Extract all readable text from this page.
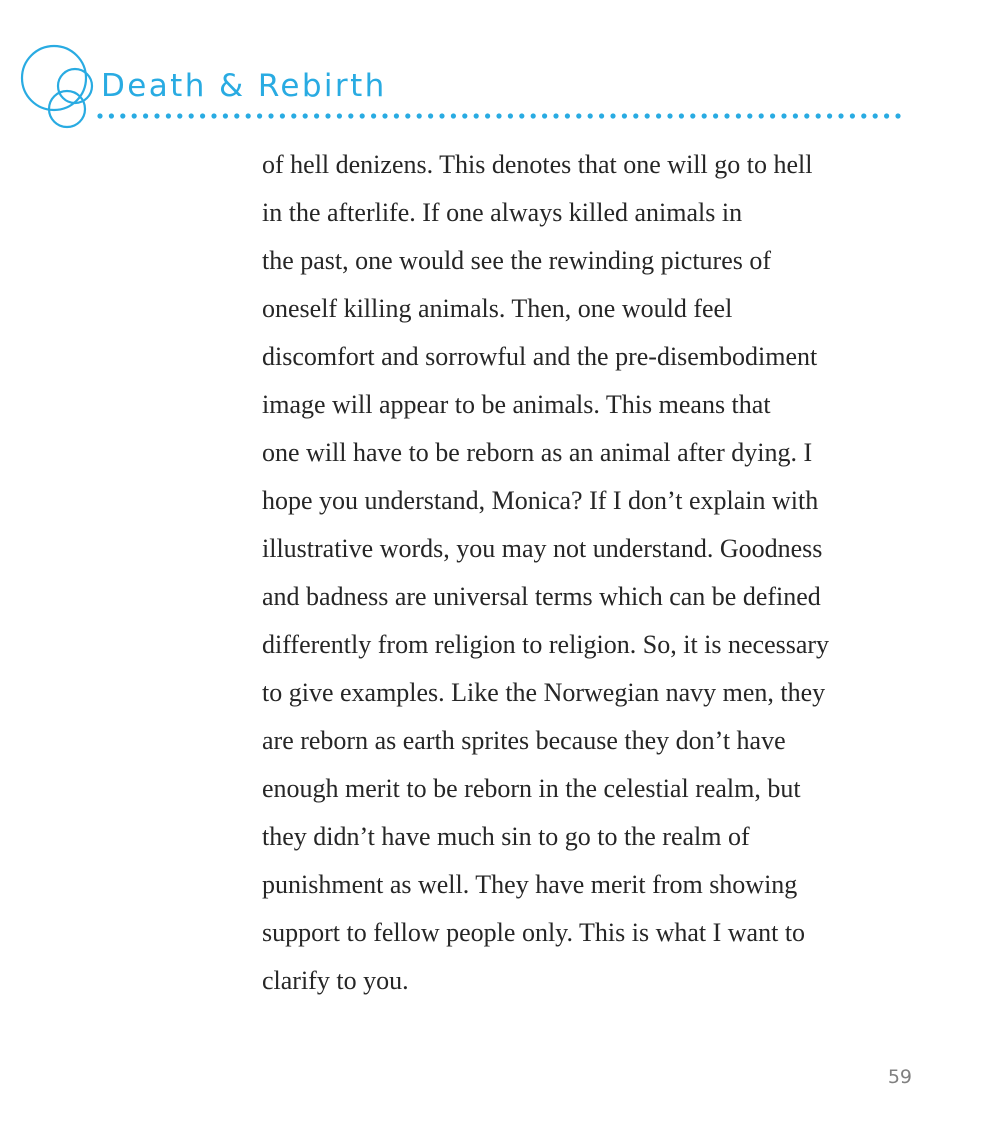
Death & Rebirth

of hell denizens. This denotes that one will go to hell
in the afterlife. If one always killed animals in
the past, one would see the rewinding pictures of
oneself killing animals. Then, one would feel
discomfort and sorrowful and the pre-disembodiment
image will appear to be animals. This means that
one will have to be reborn as an animal after dying. I
hope you understand, Monica? If I don’t explain with
illustrative words, you may not understand. Goodness
and badness are universal terms which can be defined
differently from religion to religion. So, it is necessary
to give examples. Like the Norwegian navy men, they
are reborn as earth sprites because they don’t have
enough merit to be reborn in the celestial realm, but
they didn’t have much sin to go to the realm of
punishment as well. They have merit from showing
support to fellow people only. This is what I want to
clarify to you.

59
